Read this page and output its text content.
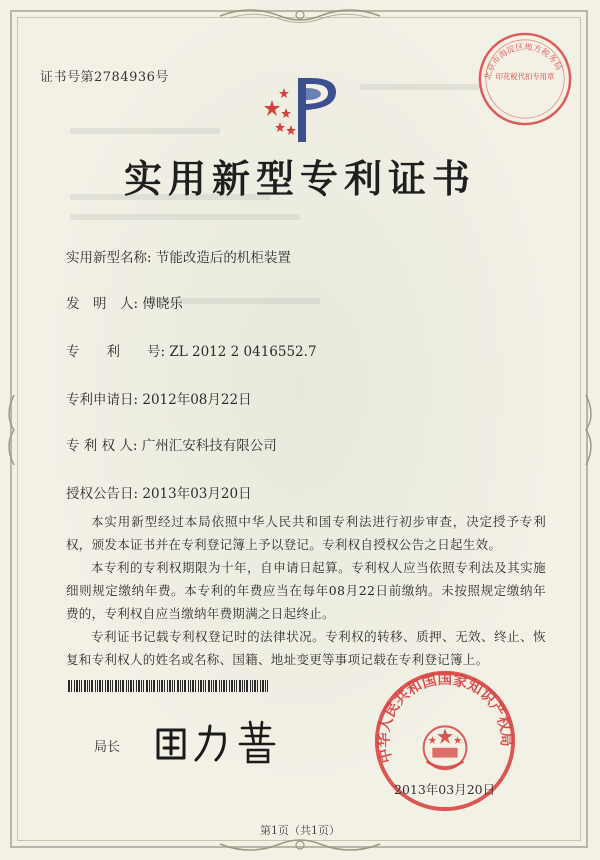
证书号第2784936号	北京市海淀区地方税务局
印花税代扣专用章
实用新型专利证书
实用新型名称: 节能改造后的机柜装置
发　明　人: 傅晓乐
专　　利　　号: ZL 2012 2 0416552.7
专利申请日: 2012年08月22日
专 利 权 人: 广州汇安科技有限公司
授权公告日: 2013年03月20日

本实用新型经过本局依照中华人民共和国专利法进行初步审查，决定授予专利权，颁发本证书并在专利登记簿上予以登记。专利权自授权公告之日起生效。

本专利的专利权期限为十年，自申请日起算。专利权人应当依照专利法及其实施细则规定缴纳年费。本专利的年费应当在每年08月22日前缴纳。未按照规定缴纳年费的，专利权自应当缴纳年费期满之日起终止。

专利证书记载专利权登记时的法律状况。专利权的转移、质押、无效、终止、恢复和专利权人的姓名或名称、国籍、地址变更等事项记载在专利登记簿上。

局长	中华人民共和国国家知识产权局
2013年03月20日
第1页（共1页）
